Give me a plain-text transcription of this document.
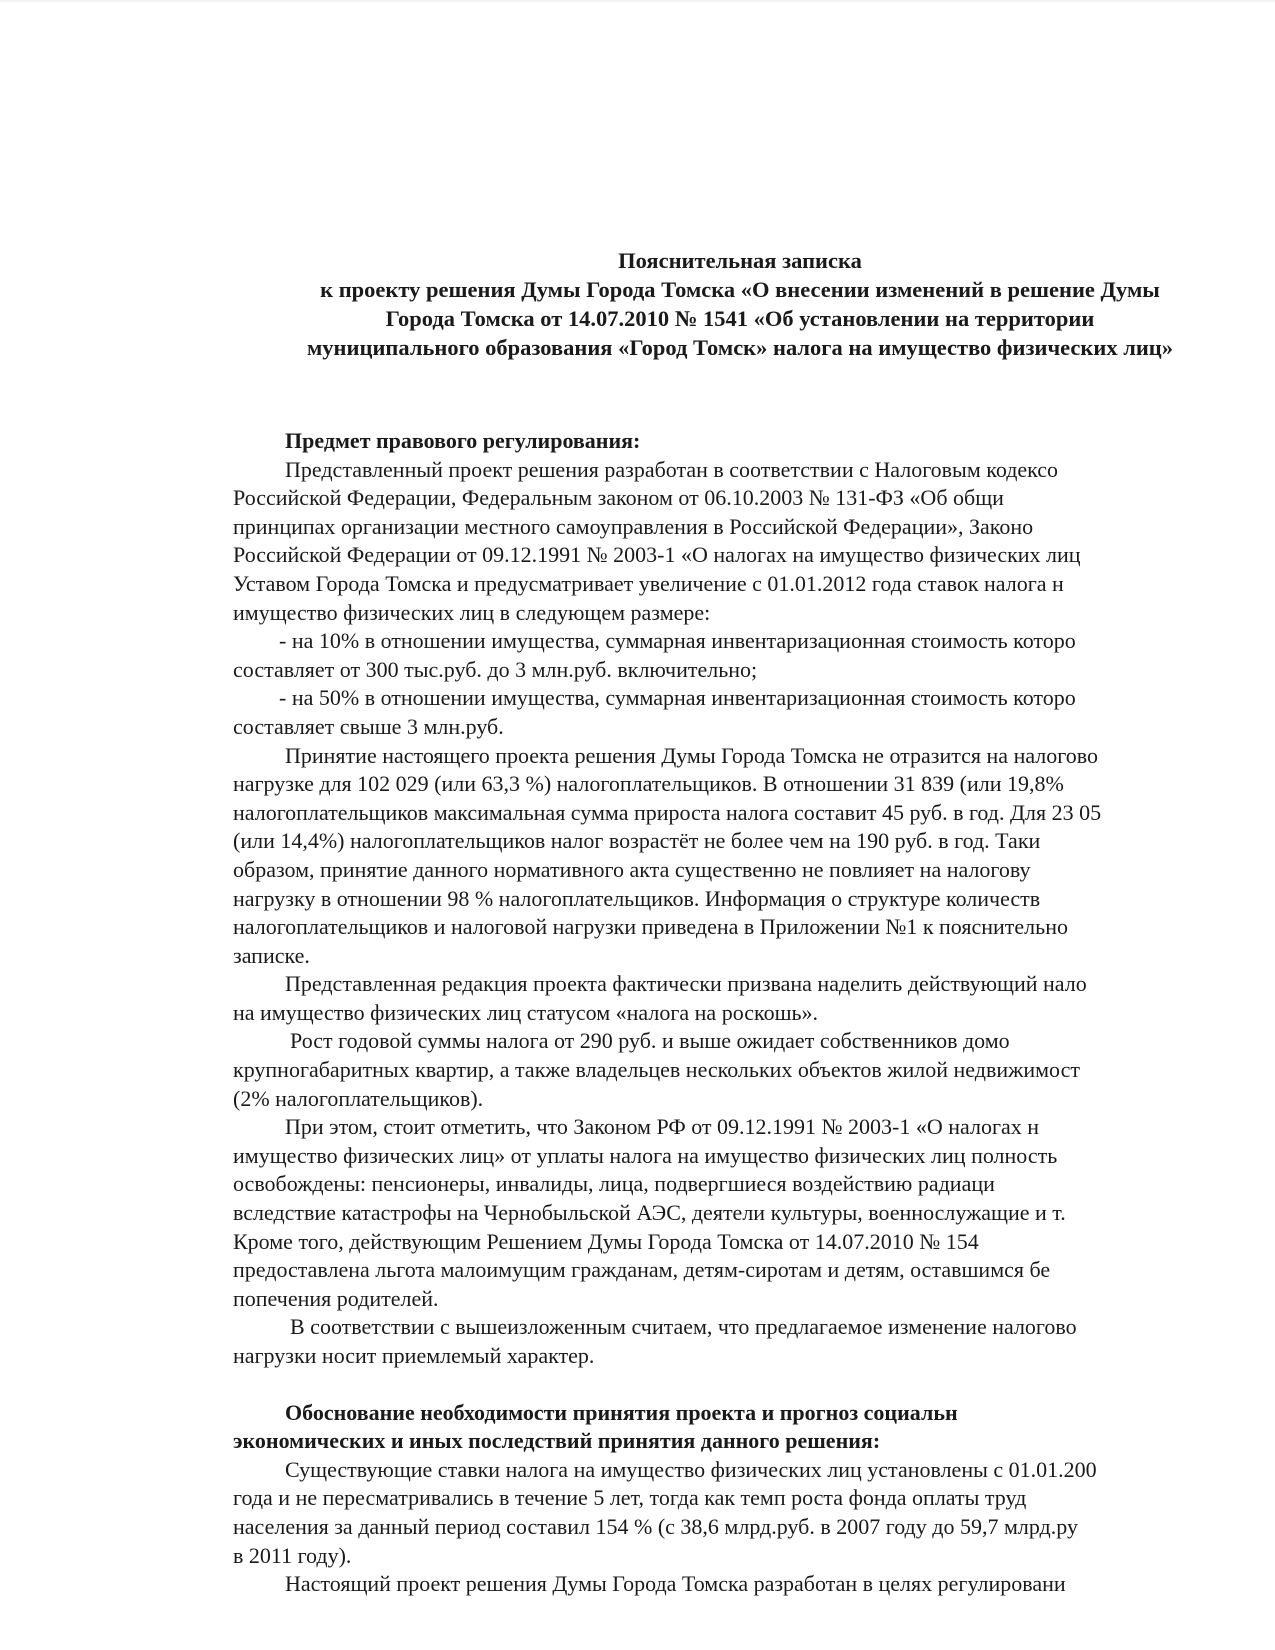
Пояснительная записка
к проекту решения Думы Города Томска «О внесении изменений в решение Думы
Города Томска от 14.07.2010 № 1541 «Об установлении на территории
муниципального образования «Город Томск» налога на имущество физических лиц»
Предмет правового регулирования:
Представленный проект решения разработан в соответствии с Налоговым кодексо
Российской Федерации, Федеральным законом от 06.10.2003 № 131-ФЗ «Об общи
принципах организации местного самоуправления в Российской Федерации», Законо
Российской Федерации от 09.12.1991 № 2003-1 «О налогах на имущество физических лиц
Уставом Города Томска и предусматривает увеличение с 01.01.2012 года ставок налога н
имущество физических лиц в следующем размере:
- на 10% в отношении имущества, суммарная инвентаризационная стоимость которо
составляет от 300 тыс.руб. до 3 млн.руб. включительно;
- на 50% в отношении имущества, суммарная инвентаризационная стоимость которо
составляет свыше 3 млн.руб.
Принятие настоящего проекта решения Думы Города Томска не отразится на налогово
нагрузке для 102 029 (или 63,3 %) налогоплательщиков. В отношении 31 839 (или 19,8%
налогоплательщиков максимальная сумма прироста налога составит 45 руб. в год. Для 23 05
(или 14,4%) налогоплательщиков налог возрастёт не более чем на 190 руб. в год. Таки
образом, принятие данного нормативного акта существенно не повлияет на налогову
нагрузку в отношении 98 % налогоплательщиков. Информация о структуре количеств
налогоплательщиков и налоговой нагрузки приведена в Приложении №1 к пояснительно
записке.
Представленная редакция проекта фактически призвана наделить действующий нало
на имущество физических лиц статусом «налога на роскошь».
Рост годовой суммы налога от 290 руб. и выше ожидает собственников домо
крупногабаритных квартир, а также владельцев нескольких объектов жилой недвижимост
(2% налогоплательщиков).
При этом, стоит отметить, что Законом РФ от 09.12.1991 № 2003-1 «О налогах н
имущество физических лиц» от уплаты налога на имущество физических лиц полность
освобождены: пенсионеры, инвалиды, лица, подвергшиеся воздействию радиаци
вследствие катастрофы на Чернобыльской АЭС, деятели культуры, военнослужащие и т.
Кроме того, действующим Решением Думы Города Томска от 14.07.2010 № 154
предоставлена льгота малоимущим гражданам, детям-сиротам и детям, оставшимся бе
попечения родителей.
В соответствии с вышеизложенным считаем, что предлагаемое изменение налогово
нагрузки носит приемлемый характер.
Обоснование необходимости принятия проекта и прогноз социальн
экономических и иных последствий принятия данного решения:
Существующие ставки налога на имущество физических лиц установлены с 01.01.200
года и не пересматривались в течение 5 лет, тогда как темп роста фонда оплаты труд
населения за данный период составил 154 % (с 38,6 млрд.руб. в 2007 году до 59,7 млрд.ру
в 2011 году).
Настоящий проект решения Думы Города Томска разработан в целях регулировани
